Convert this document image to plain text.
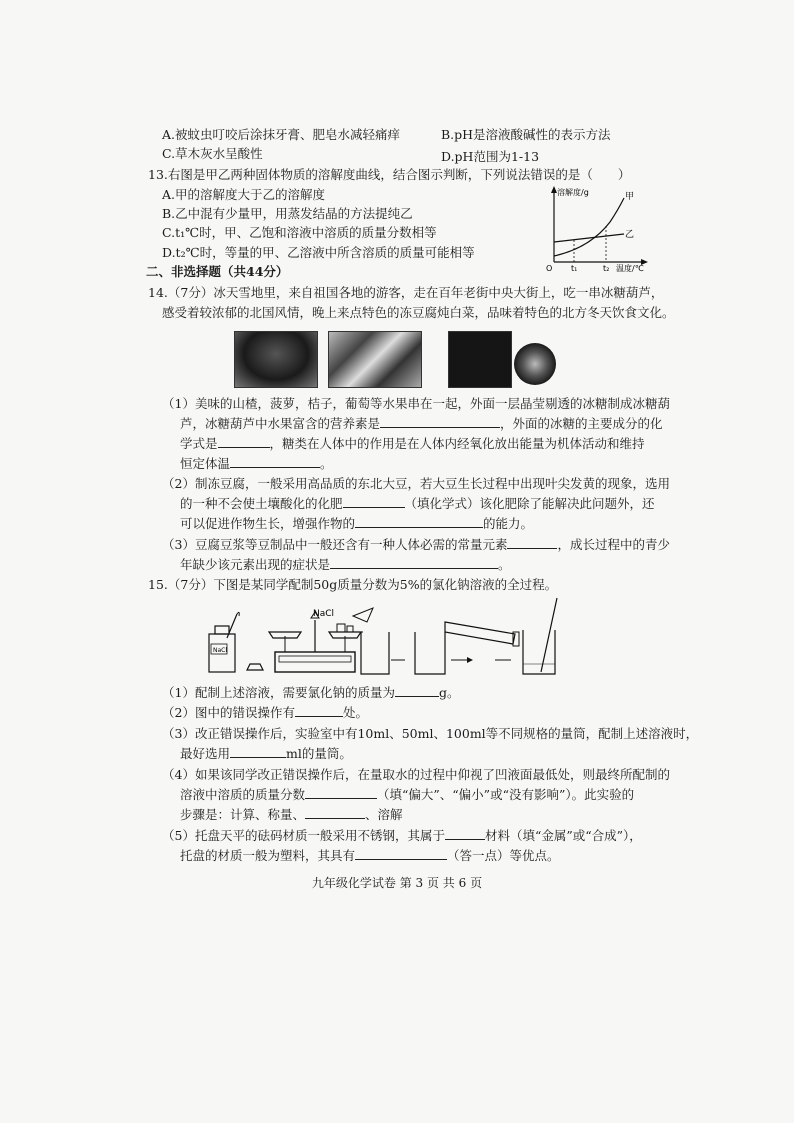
A.被蚊虫叮咬后涂抹牙膏、肥皂水减轻痛痒	B.pH是溶液酸碱性的表示方法
C.草木灰水呈酸性	D.pH范围为1-13
13.右图是甲乙两种固体物质的溶解度曲线，结合图示判断，下列说法错误的是（　　）
A.甲的溶解度大于乙的溶解度
B.乙中混有少量甲，用蒸发结晶的方法提纯乙
C.t₁℃时，甲、乙饱和溶液中溶质的质量分数相等
D.t₂℃时，等量的甲、乙溶液中所含溶质的质量可能相等
溶解度/g	甲
乙
O t₁	t₂ 温度/℃
二、非选择题（共44分）
14.（7分）冰天雪地里，来自祖国各地的游客，走在百年老街中央大街上，吃一串冰糖葫芦，
感受着较浓郁的北国风情，晚上来点特色的冻豆腐炖白菜，品味着特色的北方冬天饮食文化。
（1）美味的山楂，菠萝，桔子，葡萄等水果串在一起，外面一层晶莹剔透的冰糖制成冰糖葫
芦，冰糖葫芦中水果富含的营养素是	，外面的冰糖的主要成分的化
学式是	，糖类在人体中的作用是在人体内经氧化放出能量为机体活动和维持
恒定体温	。
（2）制冻豆腐，一般采用高品质的东北大豆，若大豆生长过程中出现叶尖发黄的现象，选用
的一种不会使土壤酸化的化肥	（填化学式）该化肥除了能解决此问题外，还
可以促进作物生长，增强作物的	的能力。
（3）豆腐豆浆等豆制品中一般还含有一种人体必需的常量元素	，成长过程中的青少
年缺少该元素出现的症状是	。
15.（7分）下图是某同学配制50g质量分数为5%的氯化钠溶液的全过程。
NaCl
NaCl
（1）配制上述溶液，需要氯化钠的质量为	g。
（2）图中的错误操作有	处。
（3）改正错误操作后，实验室中有10ml、50ml、100ml等不同规格的量筒，配制上述溶液时，
最好选用	ml的量筒。
（4）如果该同学改正错误操作后，在量取水的过程中仰视了凹液面最低处，则最终所配制的
溶液中溶质的质量分数	（填“偏大”、“偏小”或“没有影响”）。此实验的
步骤是：计算、称量、	、溶解
（5）托盘天平的砝码材质一般采用不锈钢，其属于	材料（填“金属”或“合成”），
托盘的材质一般为塑料，其具有	（答一点）等优点。
九年级化学试卷 第 3 页 共 6 页
